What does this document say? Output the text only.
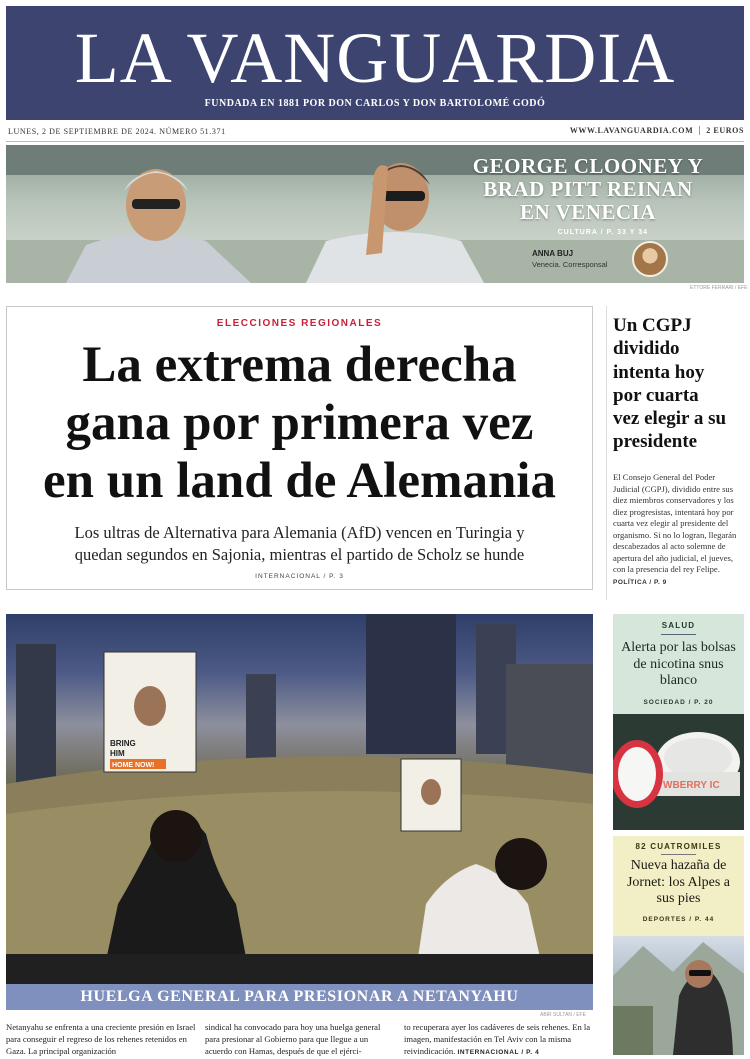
LA VANGUARDIA
FUNDADA EN 1881 POR DON CARLOS Y DON BARTOLOMÉ GODÓ
LUNES, 2 DE SEPTIEMBRE DE 2024. NÚMERO 51.371	WWW.LAVANGUARDIA.COM 2 EUROS
GEORGE CLOONEY Y
BRAD PITT REINAN
EN VENECIA
CULTURA / P. 33 Y 34
ANNA BUJ
Venecia. Corresponsal
ETTORE FERRARI / EFE
ELECCIONES REGIONALES
La extrema derecha
gana por primera vez
en un land de Alemania
Los ultras de Alternativa para Alemania (AfD) vencen en Turingia y
quedan segundos en Sajonia, mientras el partido de Scholz se hunde
INTERNACIONAL / P. 3
Un CGPJ
dividido
intenta hoy
por cuarta
vez elegir a su
presidente
El Consejo General del Poder Judicial (CGPJ), dividido entre sus diez miembros conservadores y los diez progresistas, intentará hoy por cuarta vez elegir al presidente del organismo. Si no lo logran, llegarán descabezados al acto solemne de apertura del año judicial, el jueves, con la presencia del rey Felipe. POLÍTICA / P. 9
BRING
HIM
HOME NOW!
HUELGA GENERAL PARA PRESIONAR A NETANYAHU
ABIR SULTAN / EFE
Netanyahu se enfrenta a una creciente presión en Israel para conseguir el regreso de los rehenes retenidos en Gaza. La principal organización
sindical ha convocado para hoy una huelga general para presionar al Gobierno para que llegue a un acuerdo con Hamas, después de que el ejérci-
to recuperara ayer los cadáveres de seis rehenes. En la imagen, manifestación en Tel Aviv con la misma reivindicación. INTERNACIONAL / P. 4
SALUD
Alerta por las bolsas de nicotina snus blanco
SOCIEDAD / P. 20
WBERRY IC
82 CUATROMILES
Nueva hazaña de Jornet: los Alpes a sus pies
DEPORTES / P. 44
